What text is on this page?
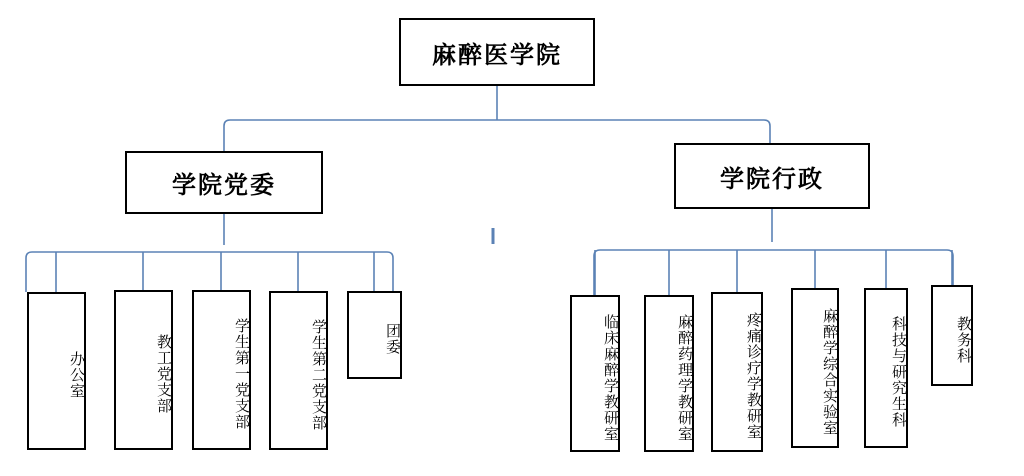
麻醉医学院
学院党委	学院行政
办公室	教工党支部	学生第一党支部	学生第二党支部	团委	临床麻醉学教研室	麻醉药理学教研室	疼痛诊疗学教研室	麻醉学综合实验室	科技与研究生科	教务科
